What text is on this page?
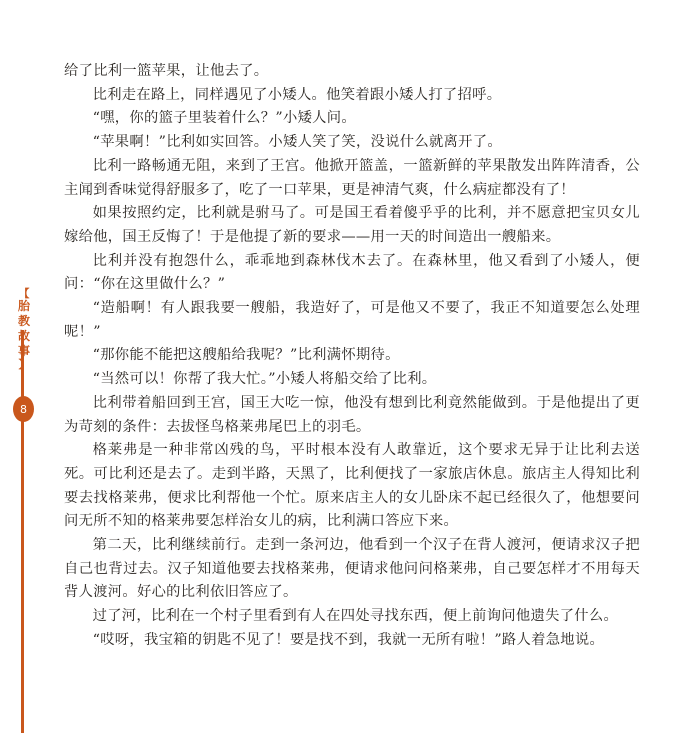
【
胎教故事
】
8

给了比利一篮苹果，让他去了。

比利走在路上，同样遇见了小矮人。他笑着跟小矮人打了招呼。

“嘿，你的篮子里装着什么？”小矮人问。

“苹果啊！”比利如实回答。小矮人笑了笑，没说什么就离开了。

比利一路畅通无阻，来到了王宫。他掀开篮盖，一篮新鲜的苹果散发出阵阵清香，公主闻到香味觉得舒服多了，吃了一口苹果，更是神清气爽，什么病症都没有了！

如果按照约定，比利就是驸马了。可是国王看着傻乎乎的比利，并不愿意把宝贝女儿嫁给他，国王反悔了！于是他提了新的要求——用一天的时间造出一艘船来。

比利并没有抱怨什么，乖乖地到森林伐木去了。在森林里，他又看到了小矮人，便问：“你在这里做什么？”

“造船啊！有人跟我要一艘船，我造好了，可是他又不要了，我正不知道要怎么处理呢！”

“那你能不能把这艘船给我呢？”比利满怀期待。

“当然可以！你帮了我大忙。”小矮人将船交给了比利。

比利带着船回到王宫，国王大吃一惊，他没有想到比利竟然能做到。于是他提出了更为苛刻的条件：去拔怪鸟格莱弗尾巴上的羽毛。

格莱弗是一种非常凶残的鸟，平时根本没有人敢靠近，这个要求无异于让比利去送死。可比利还是去了。走到半路，天黑了，比利便找了一家旅店休息。旅店主人得知比利要去找格莱弗，便求比利帮他一个忙。原来店主人的女儿卧床不起已经很久了，他想要问问无所不知的格莱弗要怎样治女儿的病，比利满口答应下来。

第二天，比利继续前行。走到一条河边，他看到一个汉子在背人渡河，便请求汉子把自己也背过去。汉子知道他要去找格莱弗，便请求他问问格莱弗，自己要怎样才不用每天背人渡河。好心的比利依旧答应了。

过了河，比利在一个村子里看到有人在四处寻找东西，便上前询问他遗失了什么。

“哎呀，我宝箱的钥匙不见了！要是找不到，我就一无所有啦！”路人着急地说。
